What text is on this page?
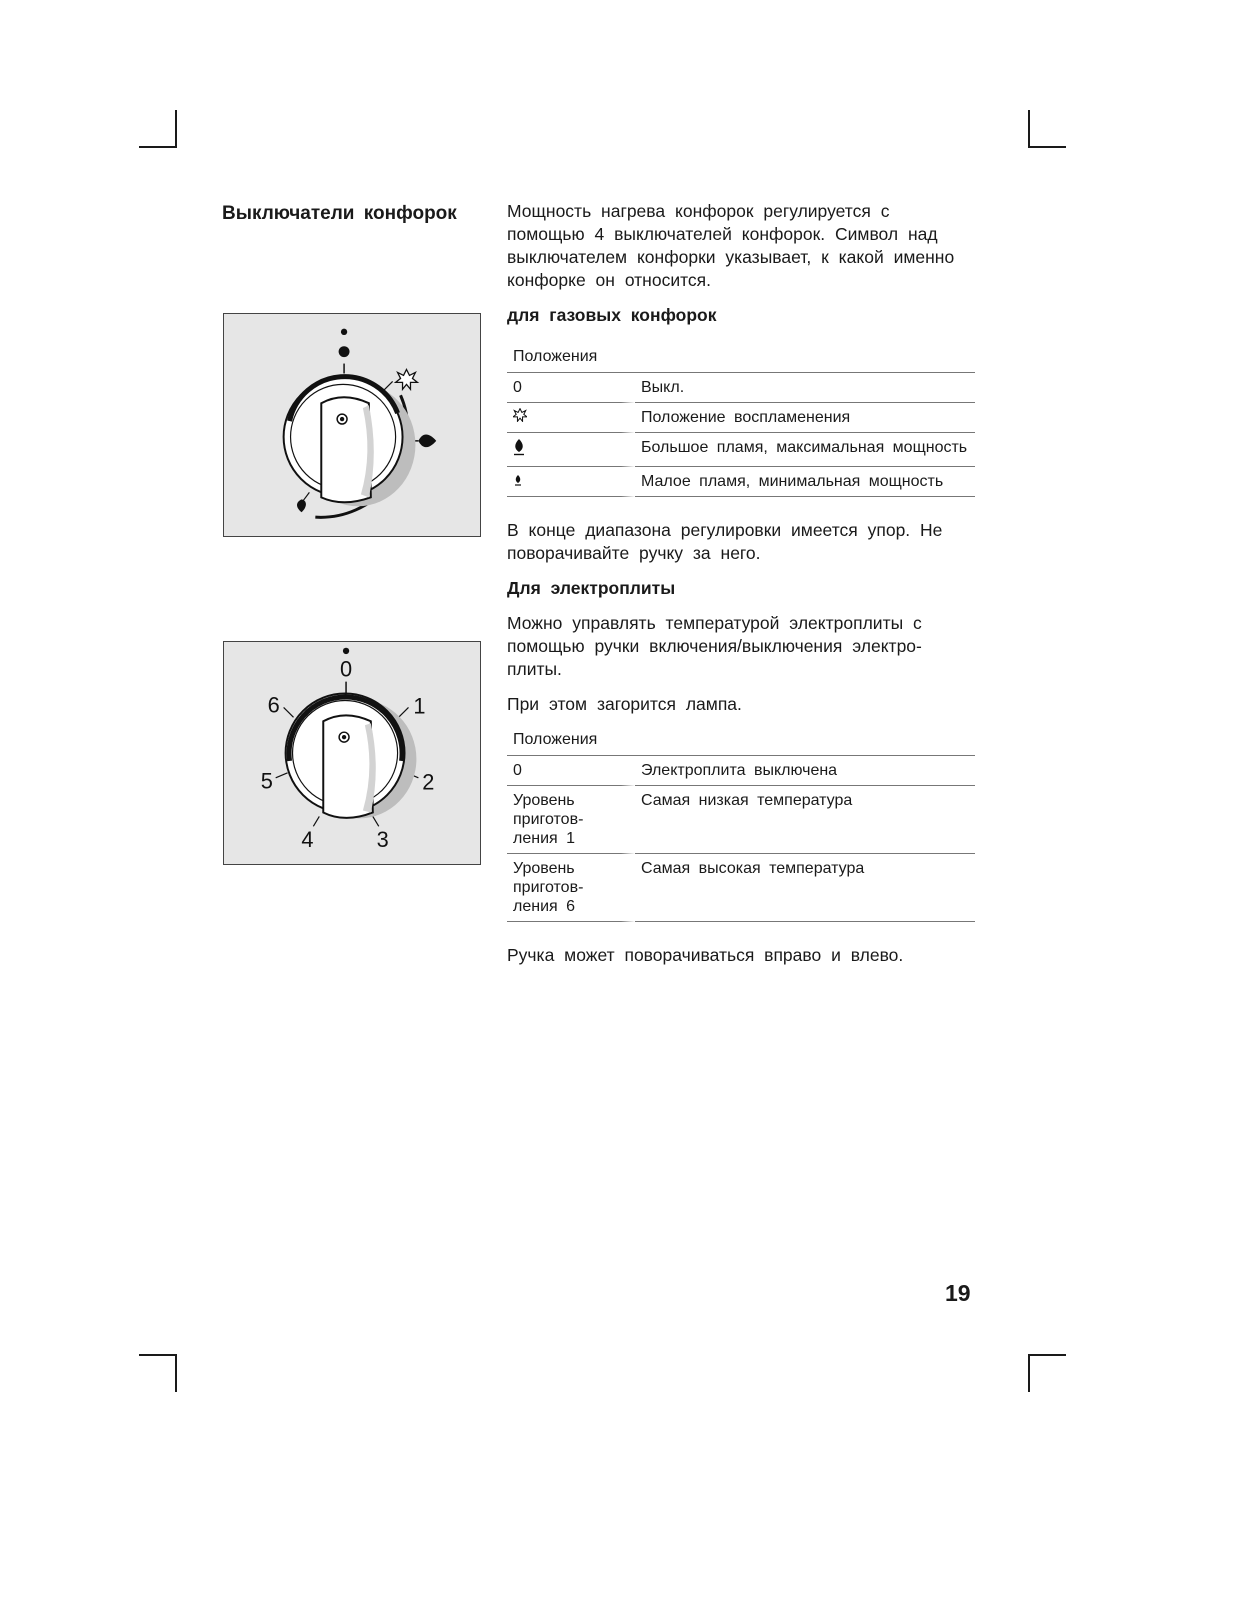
Выключатели конфорок
0
1
2
3
4
5
6

Мощность нагрева конфорок регулируется с помощью 4 выключателей конфорок. Символ над выключателем конфорки указывает, к какой именно конфорке он относится.

для газовых конфорок

Положения	
0	Выкл.
	Положение воспламенения
	Большое пламя, максимальная мощность
	Малое пламя, минимальная мощность

В конце диапазона регулировки имеется упор. Не поворачивайте ручку за него.

Для электроплиты

Можно управлять температурой электроплиты с помощью ручки включения/выключения электро- плиты.

При этом загорится лампа.

Положения	
0	Электроплита выключена
Уровень приготов- ления 1	Самая низкая температура
Уровень приготов- ления 6	Самая высокая температура

Ручка может поворачиваться вправо и влево.

19
